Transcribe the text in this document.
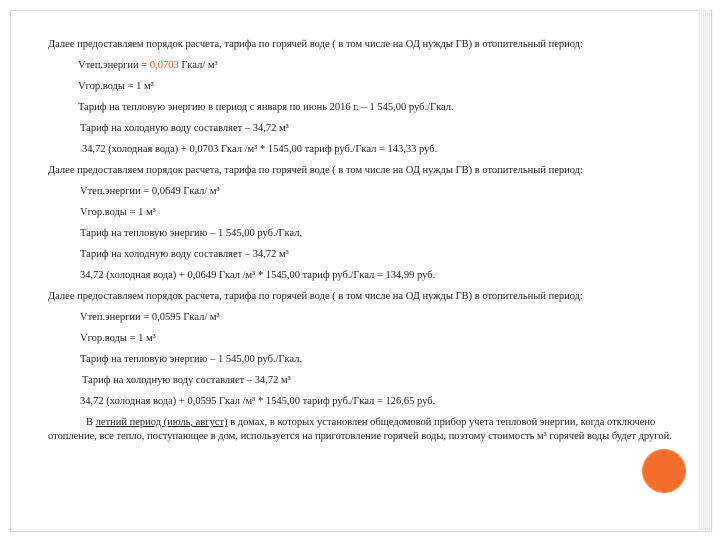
Далее предоставляем порядок расчета, тарифа по горячей воде ( в том числе на ОД нужды ГВ) в отопительный период:
Vтеп.энергии = 0,0703 Гкал/ м³
Vгор.воды = 1 м³
Тариф на тепловую энергию в период с января по июнь 2016 г. – 1 545,00 руб./Гкал.
Тариф на холодную воду составляет – 34,72 м³
34,72 (холодная вода) + 0,0703 Гкал /м³ * 1545,00 тариф руб./Гкал = 143,33 руб.
Далее предоставляем порядок расчета, тарифа по горячей воде ( в том числе на ОД нужды ГВ) в отопительный период:
Vтеп.энергии = 0,0649 Гкал/ м³
Vгор.воды = 1 м³
Тариф на тепловую энергию – 1 545,00 руб./Гкал.
Тариф на холодную воду составляет – 34,72 м³
34,72 (холодная вода) + 0,0649 Гкал /м³ * 1545,00 тариф руб./Гкал = 134,99 руб.
Далее предоставляем порядок расчета, тарифа по горячей воде ( в том числе на ОД нужды ГВ) в отопительный период:
Vтеп.энергии = 0,0595 Гкал/ м³
Vгор.воды = 1 м³
Тариф на тепловую энергию – 1 545,00 руб./Гкал.
Тариф на холодную воду составляет – 34,72 м³
34,72 (холодная вода) + 0,0595 Гкал /м³ * 1545,00 тариф руб./Гкал = 126,65 руб.
В летний период (июль, август) в домах, в которых установлен общедомовой прибор учета тепловой энергии, когда отключено отопление, все тепло, поступающее в дом, используется на приготовление горячей воды, поэтому стоимость м³ горячей воды будет другой.
